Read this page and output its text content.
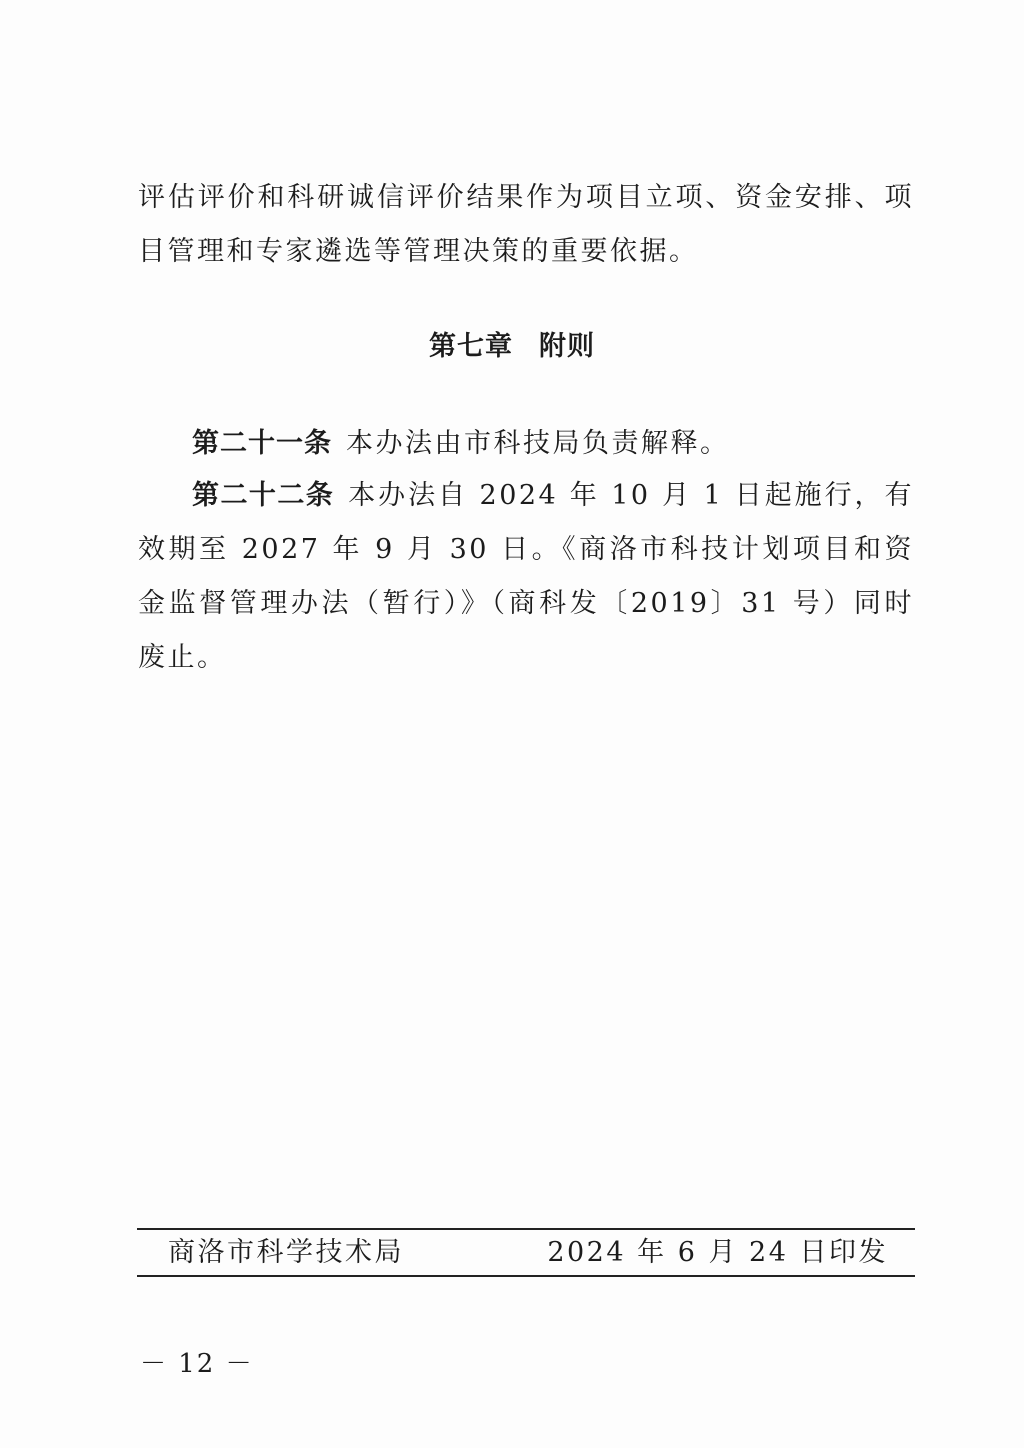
评估评价和科研诚信评价结果作为项目立项、资金安排、项目管理和专家遴选等管理决策的重要依据。

第七章 附则

第二十一条 本办法由市科技局负责解释。

第二十二条 本办法自 2024 年 10 月 1 日起施行，有效期至 2027 年 9 月 30 日。《商洛市科技计划项目和资金监督管理办法（暂行）》（商科发〔2019〕31 号）同时废止。

商洛市科学技术局	2024 年 6 月 24 日印发

－ 12 －
